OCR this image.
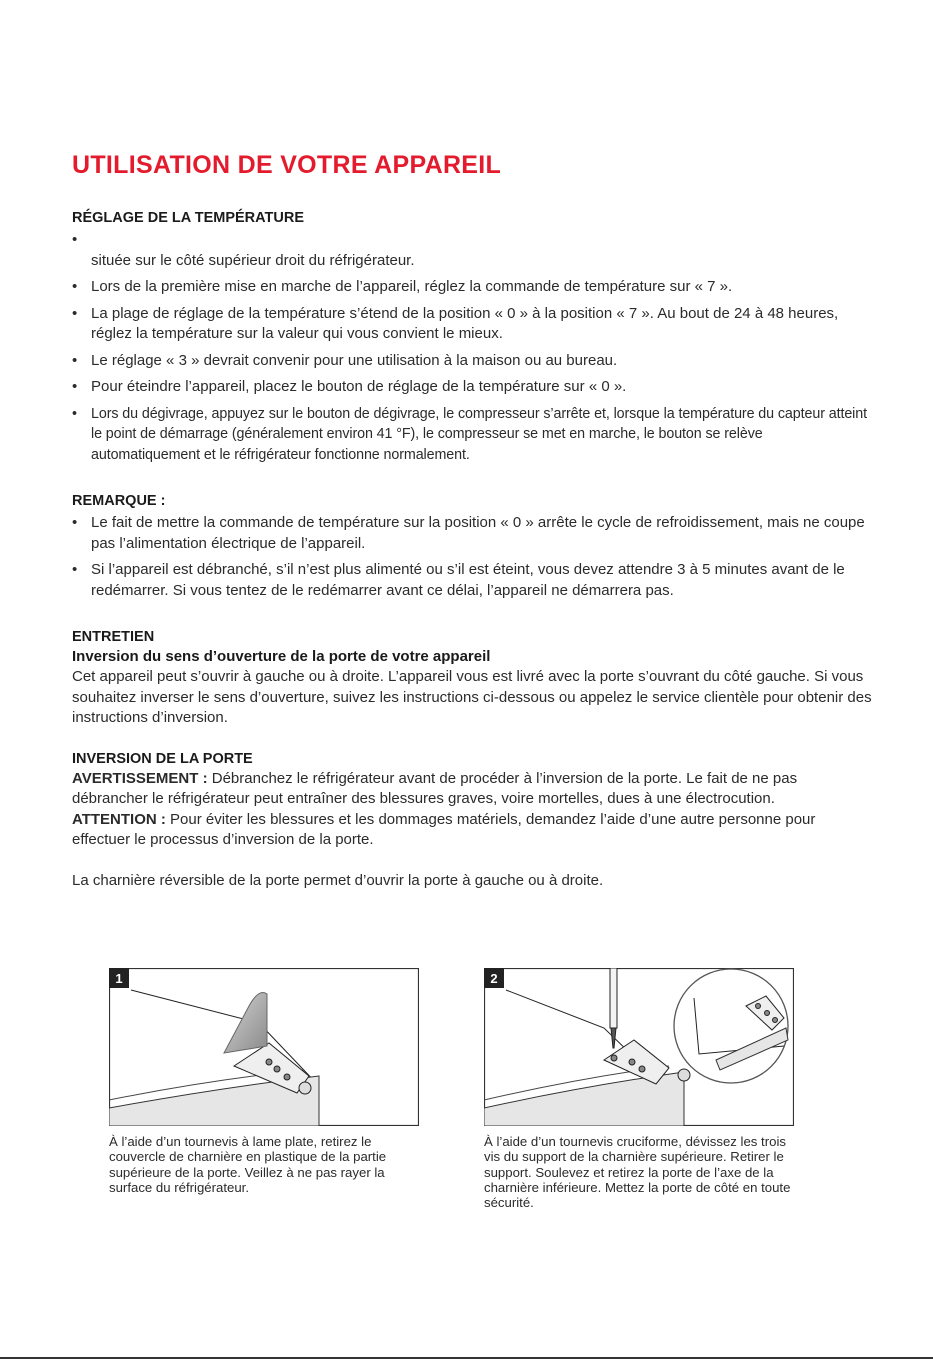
UTILISATION DE VOTRE APPAREIL
RÉGLAGE DE LA TEMPÉRATURE
•
située sur le côté supérieur droit du réfrigérateur.
• Lors de la première mise en marche de l’appareil, réglez la commande de température sur « 7 ».
• La plage de réglage de la température s’étend de la position « 0 » à la position « 7 ». Au bout de 24 à 48 heures, réglez la température sur la valeur qui vous convient le mieux.
• Le réglage « 3 » devrait convenir pour une utilisation à la maison ou au bureau.
• Pour éteindre l’appareil, placez le bouton de réglage de la température sur « 0 ».
• Lors du dégivrage, appuyez sur le bouton de dégivrage, le compresseur s’arrête et, lorsque la température du capteur atteint le point de démarrage (généralement environ 41 °F), le compresseur se met en marche, le bouton se relève automatiquement et le réfrigérateur fonctionne normalement.
REMARQUE :
• Le fait de mettre la commande de température sur la position « 0 » arrête le cycle de refroidissement, mais ne coupe pas l’alimentation électrique de l’appareil.
• Si l’appareil est débranché, s’il n’est plus alimenté ou s’il est éteint, vous devez attendre 3 à 5 minutes avant de le redémarrer. Si vous tentez de le redémarrer avant ce délai, l’appareil ne démarrera pas.
ENTRETIEN

Inversion du sens d’ouverture de la porte de votre appareil

Cet appareil peut s’ouvrir à gauche ou à droite. L’appareil vous est livré avec la porte s’ouvrant du côté gauche. Si vous souhaitez inverser le sens d’ouverture, suivez les instructions ci-dessous ou appelez le service clientèle pour obtenir des instructions d’inversion.

INVERSION DE LA PORTE

AVERTISSEMENT : Débranchez le réfrigérateur avant de procéder à l’inversion de la porte. Le fait de ne pas débrancher le réfrigérateur peut entraîner des blessures graves, voire mortelles, dues à une électrocution.

ATTENTION : Pour éviter les blessures et les dommages matériels, demandez l’aide d’une autre personne pour effectuer le processus d’inversion de la porte.

La charnière réversible de la porte permet d’ouvrir la porte à gauche ou à droite.

1
À l’aide d’un tournevis à lame plate, retirez le couvercle de charnière en plastique de la partie supérieure de la porte. Veillez à ne pas rayer la surface du réfrigérateur.
2
À l’aide d’un tournevis cruciforme, dévissez les trois vis du support de la charnière supérieure. Retirer le support. Soulevez et retirez la porte de l’axe de la charnière inférieure. Mettez la porte de côté en toute sécurité.
